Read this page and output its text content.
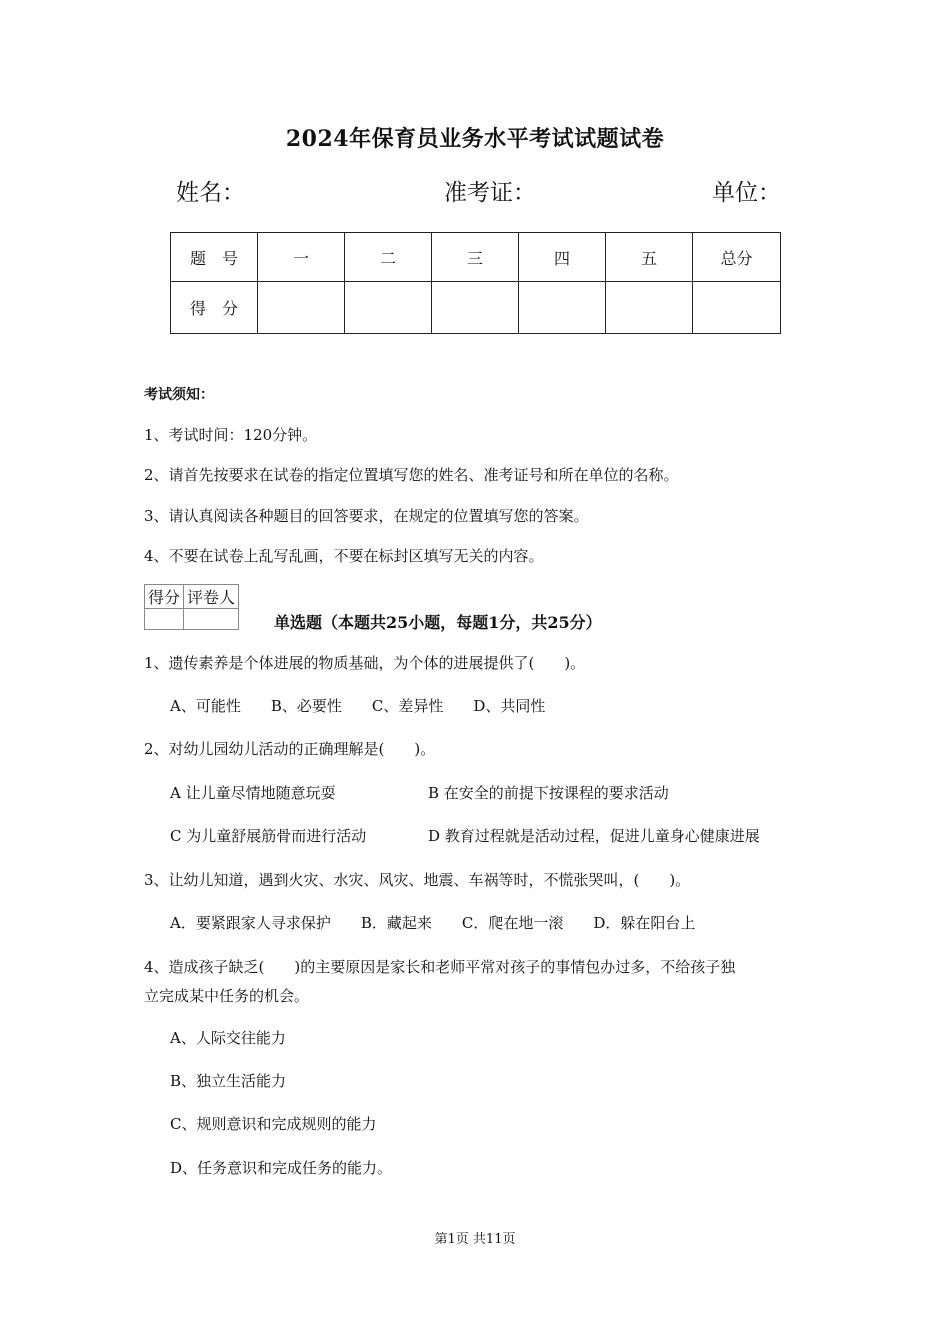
2024年保育员业务水平考试试题试卷
姓名：	准考证：	单位：
题　号	一	二	三	四	五	总分
得　分						
考试须知：
1、考试时间：120分钟。
2、请首先按要求在试卷的指定位置填写您的姓名、准考证号和所在单位的名称。
3、请认真阅读各种题目的回答要求，在规定的位置填写您的答案。
4、不要在试卷上乱写乱画，不要在标封区填写无关的内容。
得分	评卷人

单选题（本题共25小题，每题1分，共25分）
1、遗传素养是个体进展的物质基础，为个体的进展提供了(　　)。
A、可能性　　B、必要性　　C、差异性　　D、共同性
2、对幼儿园幼儿活动的正确理解是(　　)。
A 让儿童尽情地随意玩耍	B 在安全的前提下按课程的要求活动
C 为儿童舒展筋骨而进行活动	D 教育过程就是活动过程，促进儿童身心健康进展
3、让幼儿知道，遇到火灾、水灾、风灾、地震、车祸等时，不慌张哭叫，(　　)。
A．要紧跟家人寻求保护　　B．藏起来　　C．爬在地一滚　　D．躲在阳台上
4、造成孩子缺乏(　　)的主要原因是家长和老师平常对孩子的事情包办过多，不给孩子独
立完成某中任务的机会。
A、人际交往能力
B、独立生活能力
C、规则意识和完成规则的能力
D、任务意识和完成任务的能力。
第1页 共11页
